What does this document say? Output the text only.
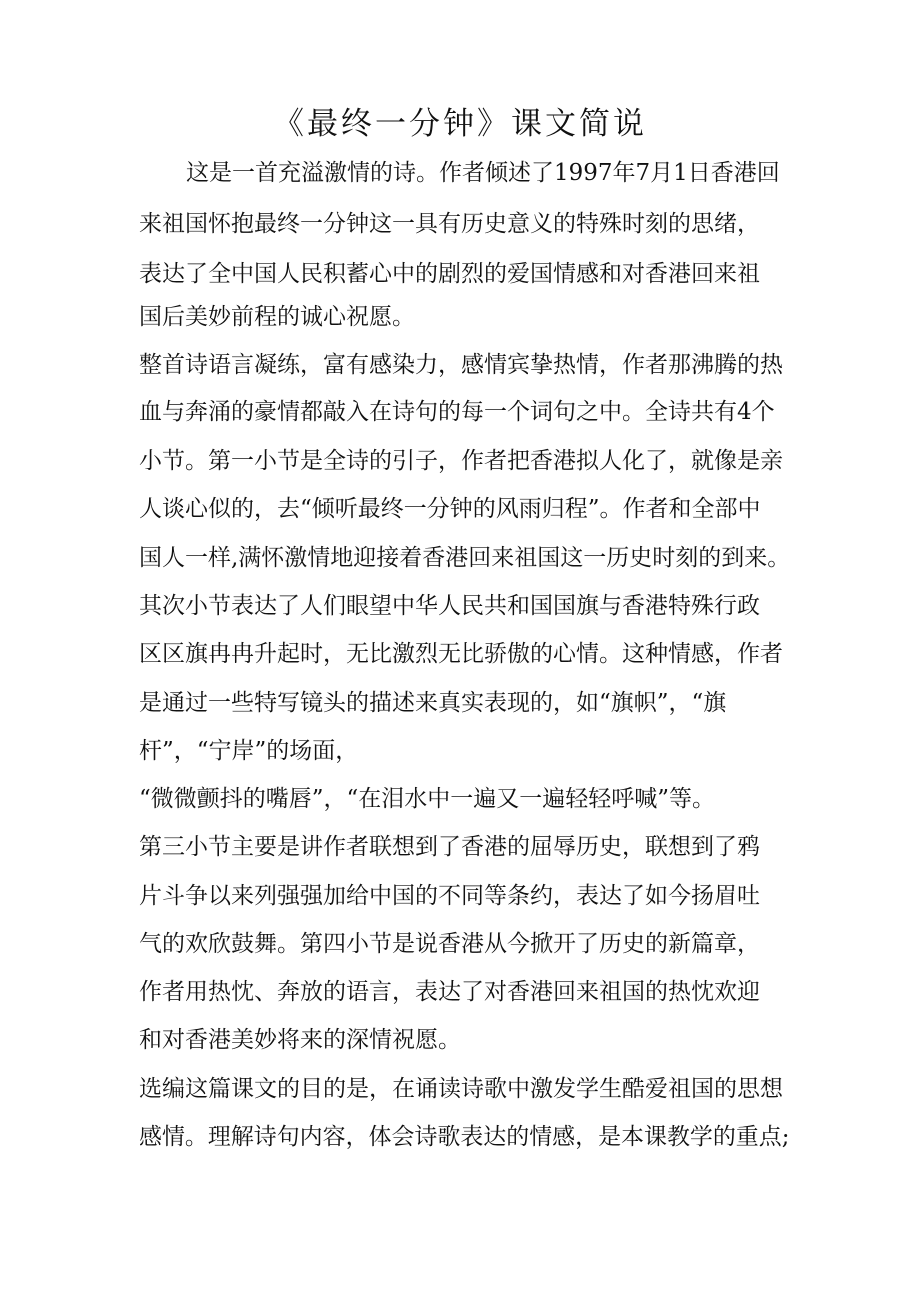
《最终一分钟》课文简说
这是一首充溢激情的诗。作者倾述了1997年7月1日香港回
来祖国怀抱最终一分钟这一具有历史意义的特殊时刻的思绪，
表达了全中国人民积蓄心中的剧烈的爱国情感和对香港回来祖
国后美妙前程的诚心祝愿。
整首诗语言凝练，富有感染力，感情宾挚热情，作者那沸腾的热
血与奔涌的豪情都敲入在诗句的每一个词句之中。全诗共有4个
小节。第一小节是全诗的引子，作者把香港拟人化了，就像是亲
人谈心似的，去“倾听最终一分钟的风雨归程”。作者和全部中
国人一样,满怀激情地迎接着香港回来祖国这一历史时刻的到来。
其次小节表达了人们眼望中华人民共和国国旗与香港特殊行政
区区旗冉冉升起时，无比激烈无比骄傲的心情。这种情感，作者
是通过一些特写镜头的描述来真实表现的，如“旗帜”，“旗
杆”，“宁岸”的场面，
“微微颤抖的嘴唇”，“在泪水中一遍又一遍轻轻呼喊”等。
第三小节主要是讲作者联想到了香港的屈辱历史，联想到了鸦
片斗争以来列强强加给中国的不同等条约，表达了如今扬眉吐
气的欢欣鼓舞。第四小节是说香港从今掀开了历史的新篇章，
作者用热忱、奔放的语言，表达了对香港回来祖国的热忱欢迎
和对香港美妙将来的深情祝愿。
选编这篇课文的目的是，在诵读诗歌中激发学生酷爱祖国的思想
感情。理解诗句内容，体会诗歌表达的情感，是本课教学的重点;
